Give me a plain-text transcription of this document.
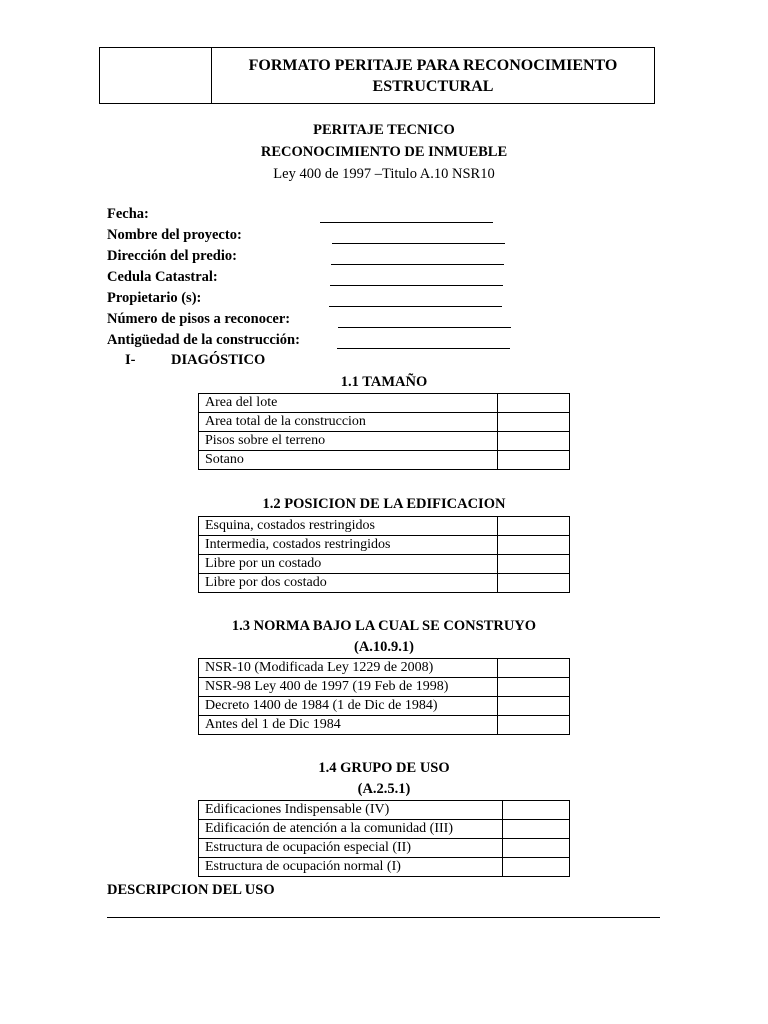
FORMATO PERITAJE PARA RECONOCIMIENTO
ESTRUCTURAL
PERITAJE TECNICO
RECONOCIMIENTO DE INMUEBLE
Ley 400 de 1997 –Titulo A.10 NSR10
Fecha:
Nombre del proyecto:
Dirección del predio:
Cedula Catastral:
Propietario (s):
Número de pisos a reconocer:
Antigüedad de la construcción:
I- DIAGÓSTICO
1.1 TAMAÑO
Area del lote	
Area total de la construccion	
Pisos sobre el terreno	
Sotano	
1.2 POSICION DE LA EDIFICACION
Esquina, costados restringidos	
Intermedia, costados restringidos	
Libre por un costado	
Libre por dos costado	
1.3 NORMA BAJO LA CUAL SE CONSTRUYO
(A.10.9.1)
NSR-10 (Modificada Ley 1229 de 2008)	
NSR-98 Ley 400 de 1997 (19 Feb de 1998)	
Decreto 1400 de 1984 (1 de Dic de 1984)	
Antes del 1 de Dic 1984	
1.4 GRUPO DE USO
(A.2.5.1)
Edificaciones Indispensable (IV)	
Edificación de atención a la comunidad (III)	
Estructura de ocupación especial (II)	
Estructura de ocupación normal (I)	
DESCRIPCION DEL USO
